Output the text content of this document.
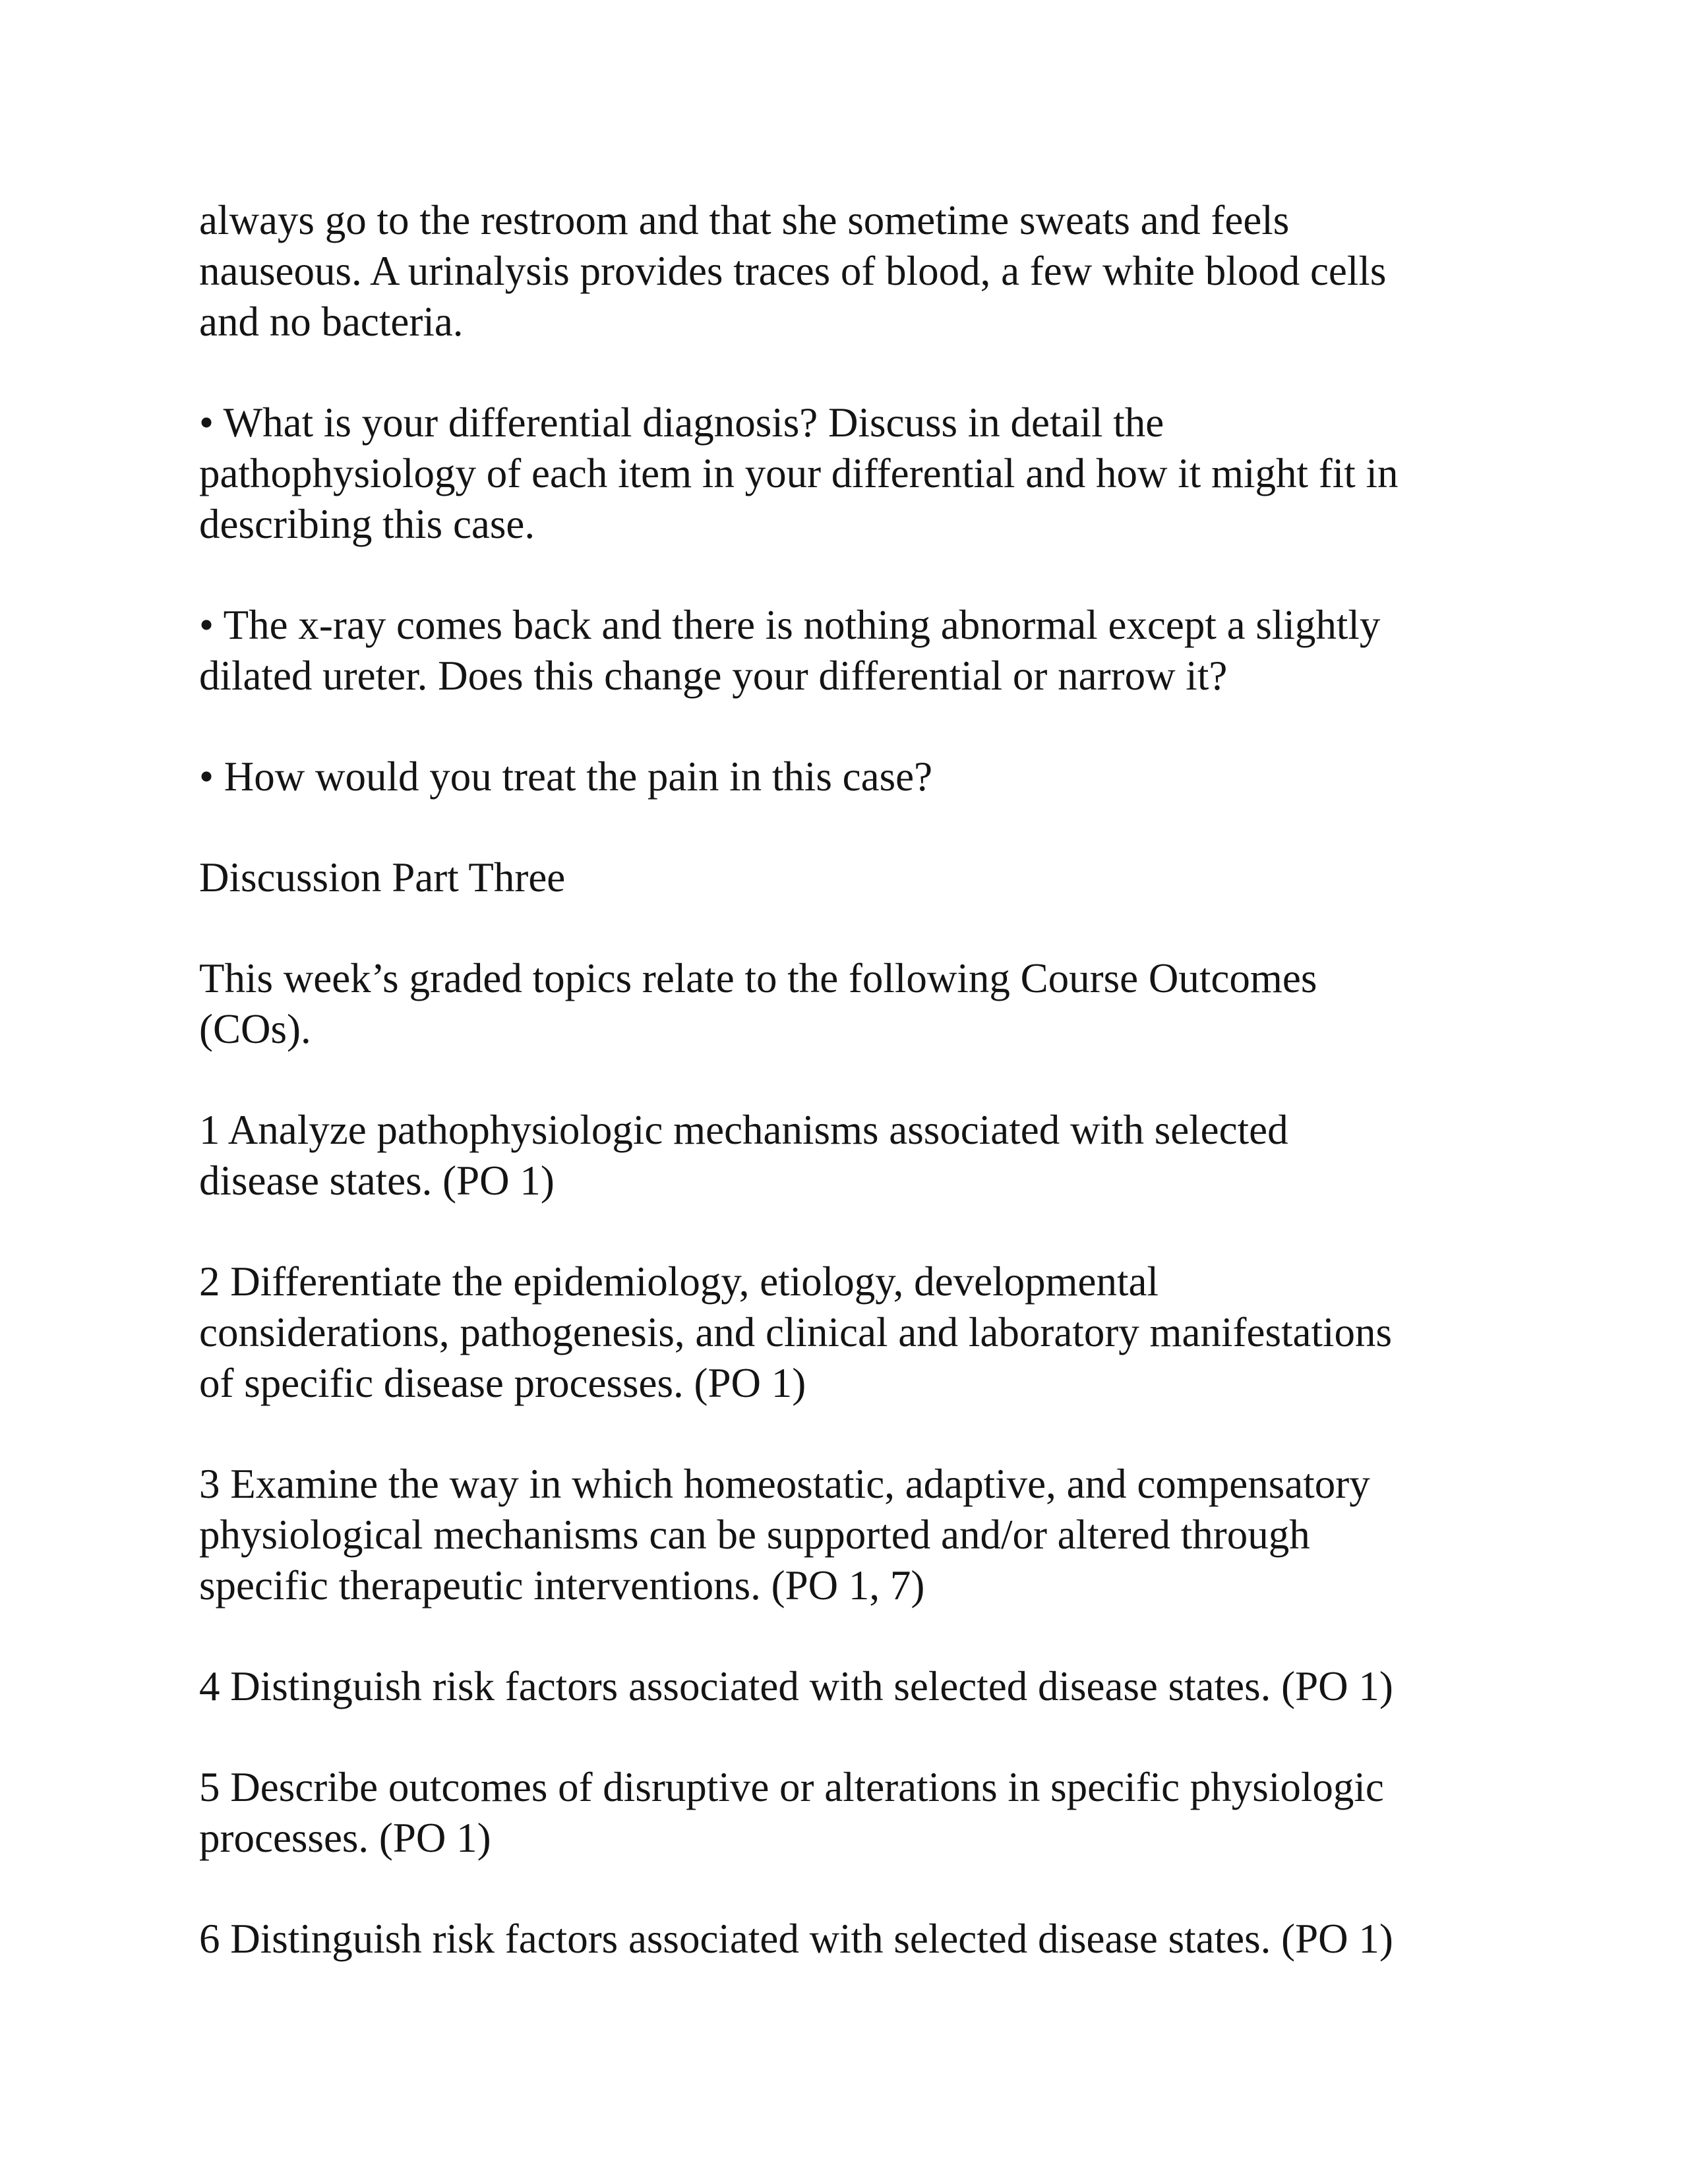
always go to the restroom and that she sometime sweats and feels
nauseous. A urinalysis provides traces of blood, a few white blood cells
and no bacteria.

• What is your differential diagnosis? Discuss in detail the
pathophysiology of each item in your differential and how it might fit in
describing this case.

• The x-ray comes back and there is nothing abnormal except a slightly
dilated ureter. Does this change your differential or narrow it?

• How would you treat the pain in this case?

Discussion Part Three

This week’s graded topics relate to the following Course Outcomes
(COs).

1 Analyze pathophysiologic mechanisms associated with selected
disease states. (PO 1)

2 Differentiate the epidemiology, etiology, developmental
considerations, pathogenesis, and clinical and laboratory manifestations
of specific disease processes. (PO 1)

3 Examine the way in which homeostatic, adaptive, and compensatory
physiological mechanisms can be supported and/or altered through
specific therapeutic interventions. (PO 1, 7)

4 Distinguish risk factors associated with selected disease states. (PO 1)

5 Describe outcomes of disruptive or alterations in specific physiologic
processes. (PO 1)

6 Distinguish risk factors associated with selected disease states. (PO 1)
